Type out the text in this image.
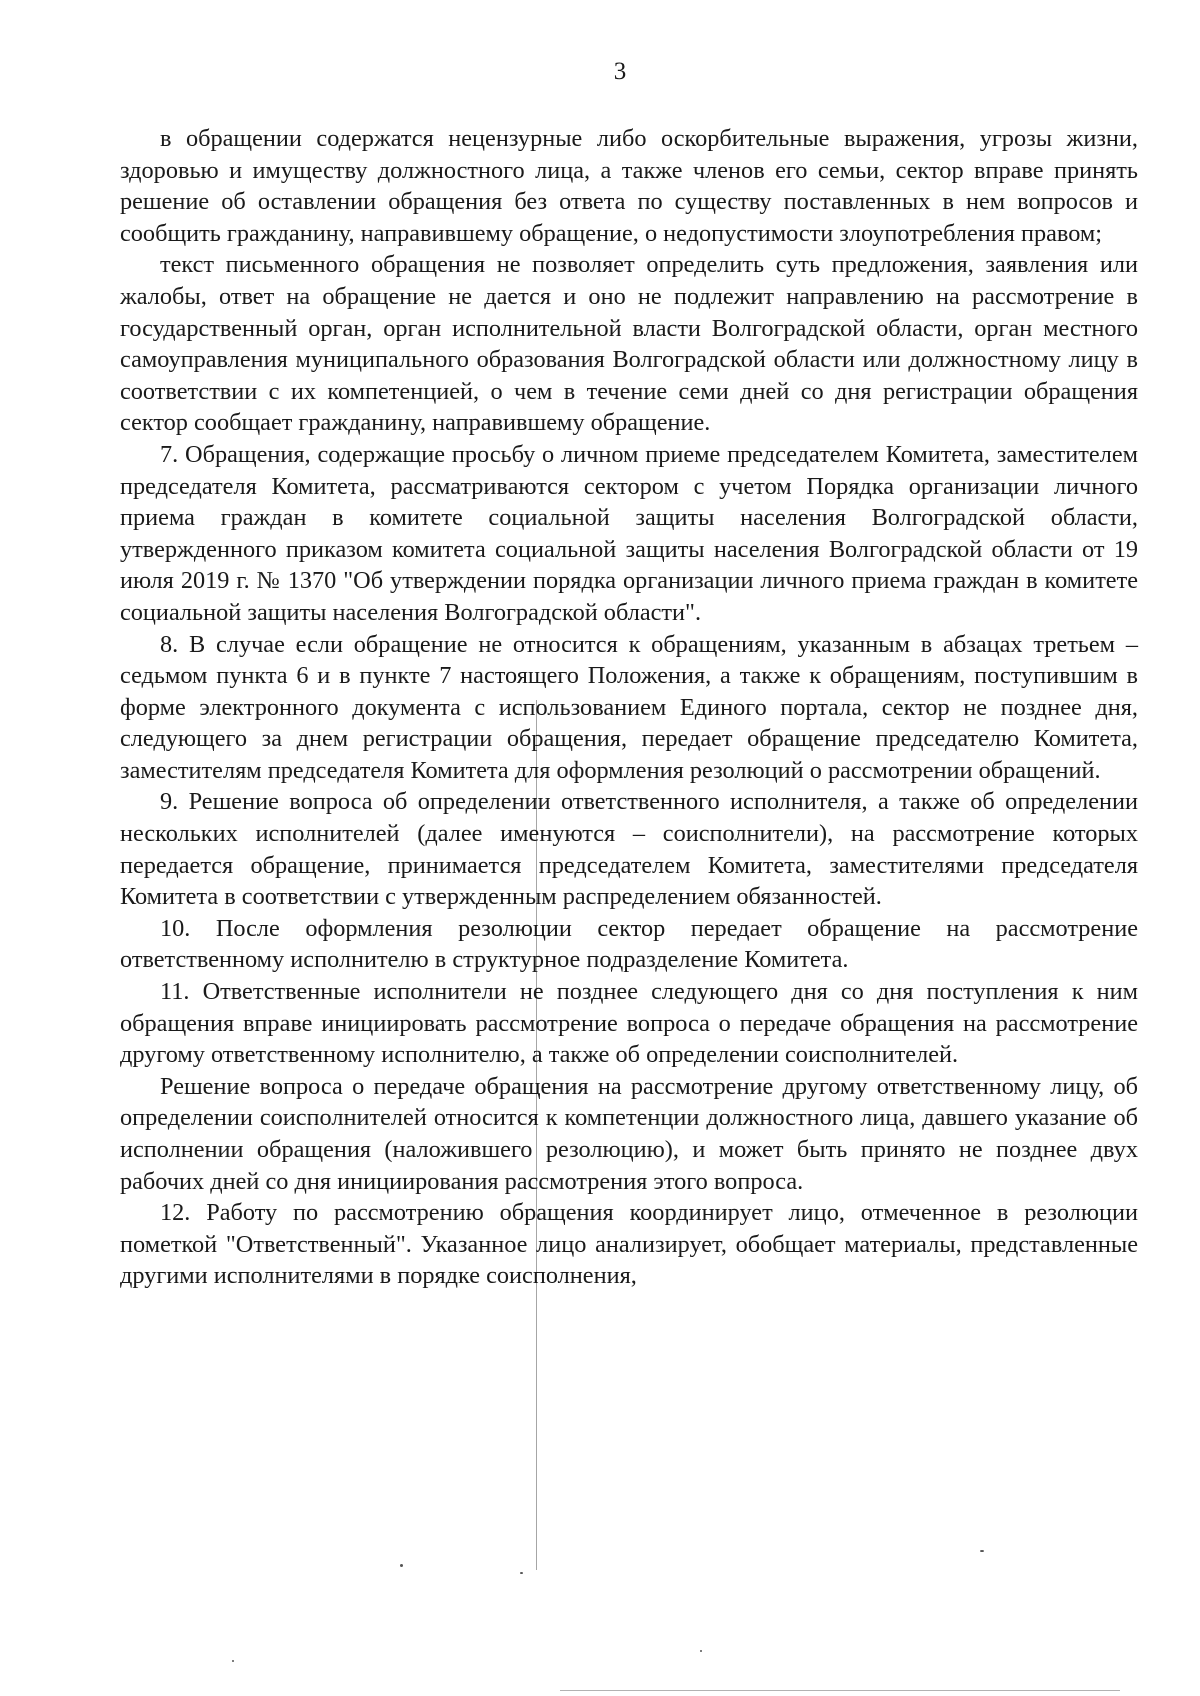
3

в обращении содержатся нецензурные либо оскорбительные выражения, угрозы жизни, здоровью и имуществу должностного лица, а также членов его семьи, сектор вправе принять решение об оставлении обращения без ответа по существу поставленных в нем вопросов и сообщить гражданину, направившему обращение, о недопустимости злоупотребления правом;

текст письменного обращения не позволяет определить суть предложения, заявления или жалобы, ответ на обращение не дается и оно не подлежит направлению на рассмотрение в государственный орган, орган исполнительной власти Волгоградской области, орган местного самоуправления муниципального образования Волгоградской области или должностному лицу в соответствии с их компетенцией, о чем в течение семи дней со дня регистрации обращения сектор сообщает гражданину, направившему обращение.

7. Обращения, содержащие просьбу о личном приеме председателем Комитета, заместителем председателя Комитета, рассматриваются сектором с учетом Порядка организации личного приема граждан в комитете социальной защиты населения Волгоградской области, утвержденного приказом комитета социальной защиты населения Волгоградской области от 19 июля 2019 г. № 1370 "Об утверждении порядка организации личного приема граждан в комитете социальной защиты населения Волгоградской области".

8. В случае если обращение не относится к обращениям, указанным в абзацах третьем – седьмом пункта 6 и в пункте 7 настоящего Положения, а также к обращениям, поступившим в форме электронного документа с использованием Единого портала, сектор не позднее дня, следующего за днем регистрации обращения, передает обращение председателю Комитета, заместителям председателя Комитета для оформления резолюций о рассмотрении обращений.

9. Решение вопроса об определении ответственного исполнителя, а также об определении нескольких исполнителей (далее именуются – соисполнители), на рассмотрение которых передается обращение, принимается председателем Комитета, заместителями председателя Комитета в соответствии с утвержденным распределением обязанностей.

10. После оформления резолюции сектор передает обращение на рассмотрение ответственному исполнителю в структурное подразделение Комитета.

11. Ответственные исполнители не позднее следующего дня со дня поступления к ним обращения вправе инициировать рассмотрение вопроса о передаче обращения на рассмотрение другому ответственному исполнителю, а также об определении соисполнителей.

Решение вопроса о передаче обращения на рассмотрение другому ответственному лицу, об определении соисполнителей относится к компетенции должностного лица, давшего указание об исполнении обращения (наложившего резолюцию), и может быть принято не позднее двух рабочих дней со дня инициирования рассмотрения этого вопроса.

12. Работу по рассмотрению обращения координирует лицо, отмеченное в резолюции пометкой "Ответственный". Указанное лицо анализирует, обобщает материалы, представленные другими исполнителями в порядке соисполнения,
